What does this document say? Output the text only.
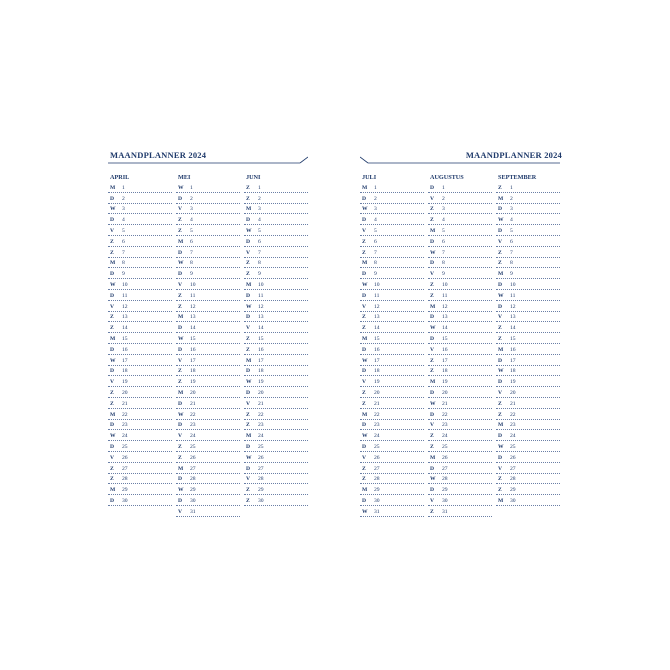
MAANDPLANNER 2024
APRIL
M	1
D	2
W	3
D	4
V	5
Z	6
Z	7
M	8
D	9
W	10
D	11
V	12
Z	13
Z	14
M	15
D	16
W	17
D	18
V	19
Z	20
Z	21
M	22
D	23
W	24
D	25
V	26
Z	27
Z	28
M	29
D	30
MEI
W	1
D	2
V	3
Z	4
Z	5
M	6
D	7
W	8
D	9
V	10
Z	11
Z	12
M	13
D	14
W	15
D	16
V	17
Z	18
Z	19
M	20
D	21
W	22
D	23
V	24
Z	25
Z	26
M	27
D	28
W	29
D	30
V	31
JUNI
Z	1
Z	2
M	3
D	4
W	5
D	6
V	7
Z	8
Z	9
M	10
D	11
W	12
D	13
V	14
Z	15
Z	16
M	17
D	18
W	19
D	20
V	21
Z	22
Z	23
M	24
D	25
W	26
D	27
V	28
Z	29
Z	30
MAANDPLANNER 2024
JULI
M	1
D	2
W	3
D	4
V	5
Z	6
Z	7
M	8
D	9
W	10
D	11
V	12
Z	13
Z	14
M	15
D	16
W	17
D	18
V	19
Z	20
Z	21
M	22
D	23
W	24
D	25
V	26
Z	27
Z	28
M	29
D	30
W	31
AUGUSTUS
D	1
V	2
Z	3
Z	4
M	5
D	6
W	7
D	8
V	9
Z	10
Z	11
M	12
D	13
W	14
D	15
V	16
Z	17
Z	18
M	19
D	20
W	21
D	22
V	23
Z	24
Z	25
M	26
D	27
W	28
D	29
V	30
Z	31
SEPTEMBER
Z	1
M	2
D	3
W	4
D	5
V	6
Z	7
Z	8
M	9
D	10
W	11
D	12
V	13
Z	14
Z	15
M	16
D	17
W	18
D	19
V	20
Z	21
Z	22
M	23
D	24
W	25
D	26
V	27
Z	28
Z	29
M	30
